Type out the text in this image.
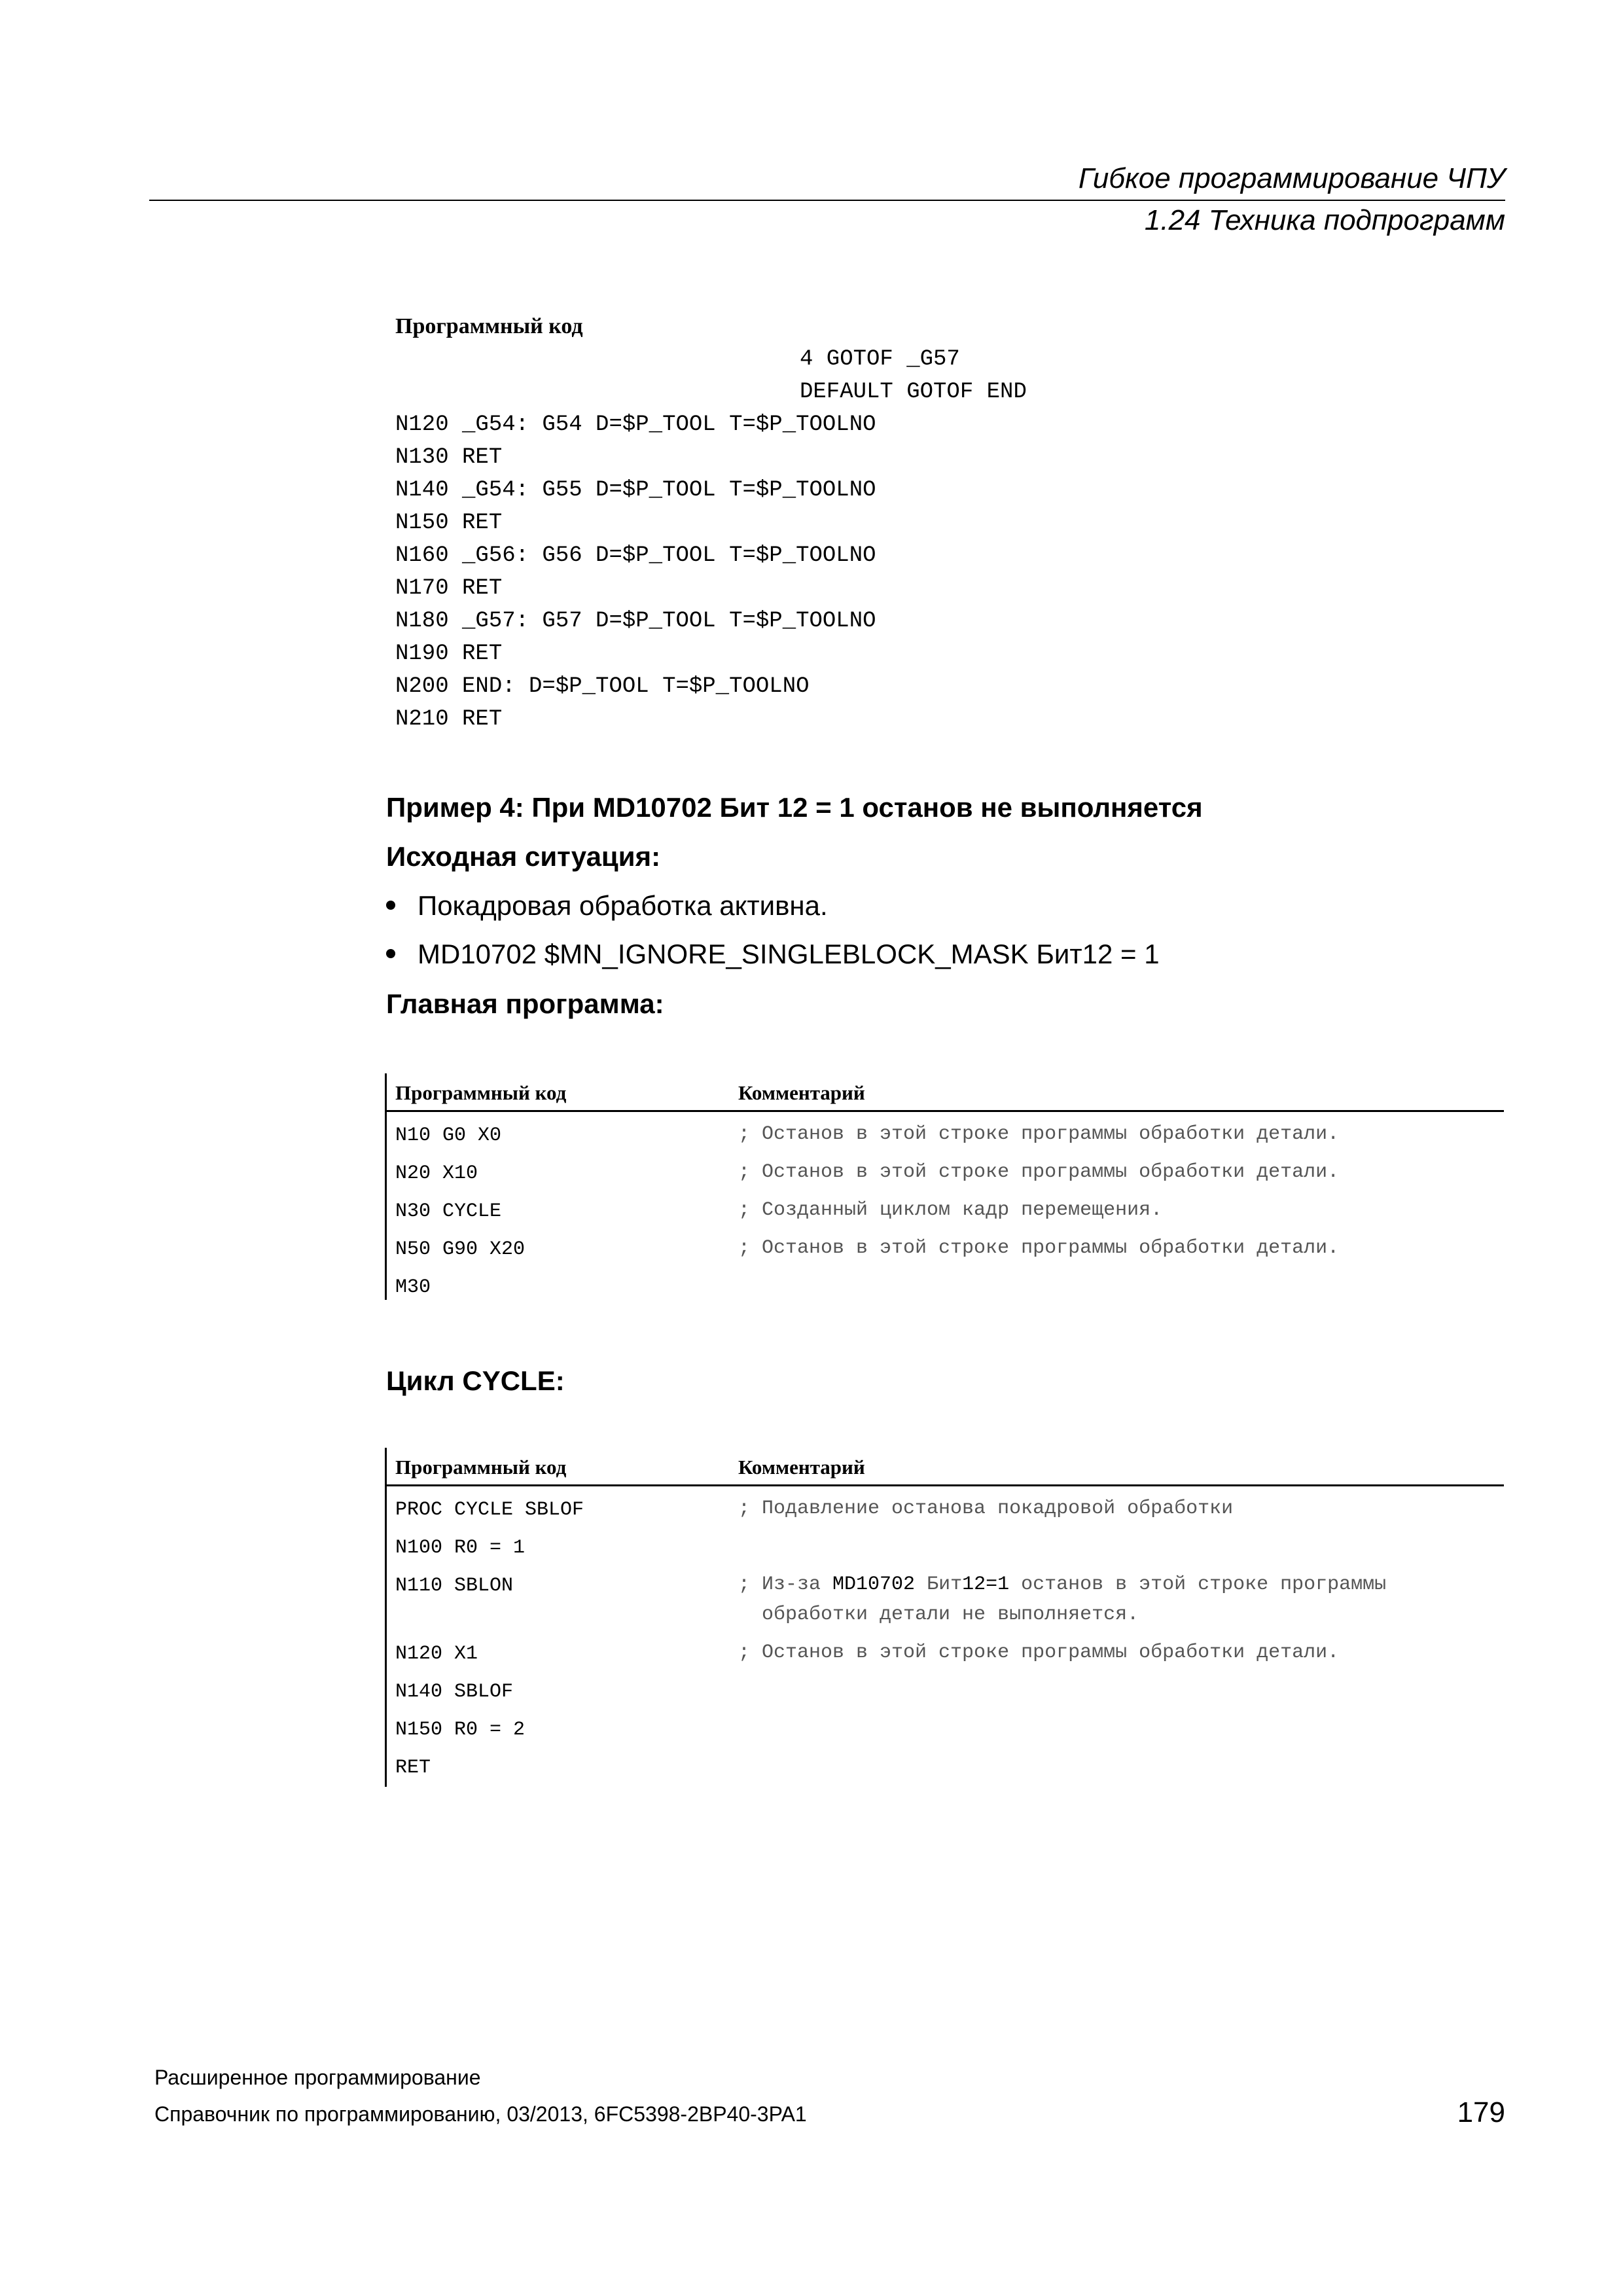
Гибкое программирование ЧПУ
1.24 Техника подпрограмм
Программный код
4 GOTOF _G57
DEFAULT GOTOF END
N120 _G54: G54 D=$P_TOOL T=$P_TOOLNO
N130 RET
N140 _G54: G55 D=$P_TOOL T=$P_TOOLNO
N150 RET
N160 _G56: G56 D=$P_TOOL T=$P_TOOLNO
N170 RET
N180 _G57: G57 D=$P_TOOL T=$P_TOOLNO
N190 RET
N200 END: D=$P_TOOL T=$P_TOOLNO
N210 RET
Пример 4: При MD10702 Бит 12 = 1 останов не выполняется
Исходная ситуация:
Покадровая обработка активна.
MD10702 $MN_IGNORE_SINGLEBLOCK_MASK Бит12 = 1
Главная программа:
Программный код	Комментарий
N10 G0 X0	; Останов в этой строке программы обработки детали.
N20 X10	; Останов в этой строке программы обработки детали.
N30 CYCLE	; Созданный циклом кадр перемещения.
N50 G90 X20	; Останов в этой строке программы обработки детали.
M30
Цикл CYCLE:
Программный код	Комментарий
PROC CYCLE SBLOF	; Подавление останова покадровой обработки
N100 R0 = 1
N110 SBLON	; Из-за MD10702 Бит12=1 останов в этой строке программы
обработки детали не выполняется.
N120 X1	; Останов в этой строке программы обработки детали.
N140 SBLOF
N150 R0 = 2
RET
Расширенное программирование
Справочник по программированию, 03/2013, 6FC5398-2BP40-3PA1	179
